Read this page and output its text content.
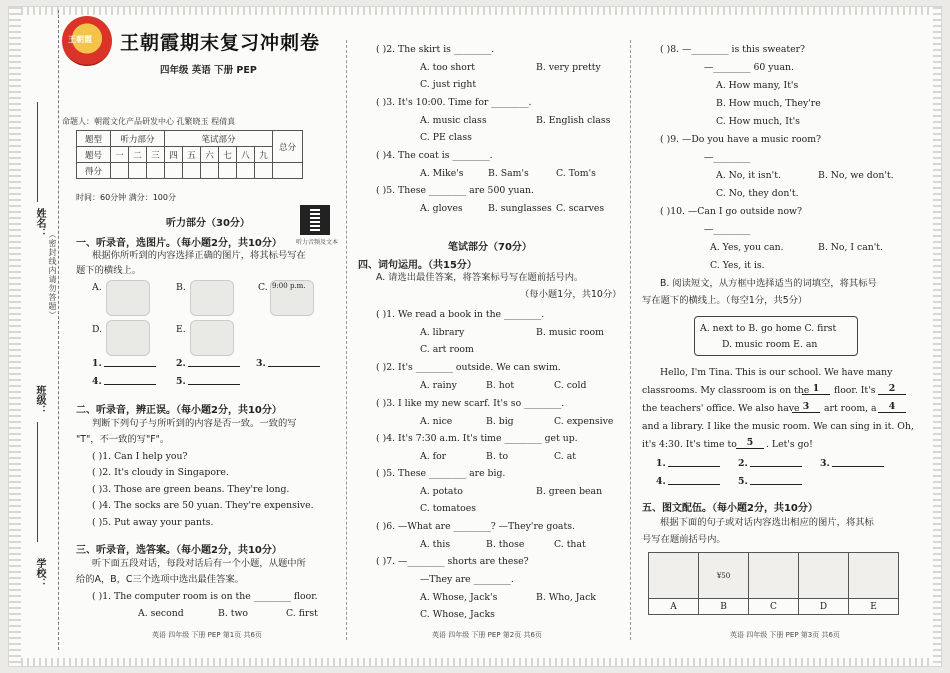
姓名：
（密封线内请勿答题）
班级：
学校：
王朝霞 王朝霞期末复习冲刺卷
四年级 英语 下册 PEP
命题人：朝霞文化产品研发中心 孔繁晓玉 程倩真
题型	听力部分			笔试部分						总分
题号	一	二	三	四	五	六	七	八	九	
得分										
时间：60分钟 满分：100分
听力音频及文本
听力部分（30分）
一、听录音，选图片。（每小题2分，共10分）
根据你所听到的内容选择正确的图片，将其标号写在
题下的横线上。
A.	B.	C. 9:00 p.m.
D.	E.
1.	2.	3.
4.	5.
二、听录音，辨正误。（每小题2分，共10分）
判断下列句子与所听到的内容是否一致。一致的写
"T"，不一致的写"F"。
( )1. Can I help you?
( )2. It's cloudy in Singapore.
( )3. Those are green beans. They're long.
( )4. The socks are 50 yuan. They're expensive.
( )5. Put away your pants.
三、听录音，选答案。（每小题2分，共10分）
听下面五段对话，每段对话后有一个小题，从题中所
给的A，B，C三个选项中选出最佳答案。
( )1. The computer room is on the ________ floor.
A. second	B. two	C. first
英语 四年级 下册 PEP 第1页 共6页
( )2. The skirt is ________.
A. too short	B. very pretty
C. just right
( )3. It's 10:00. Time for ________.
A. music class	B. English class
C. PE class
( )4. The coat is ________.
A. Mike's	B. Sam's	C. Tom's
( )5. These ________ are 500 yuan.
A. gloves	B. sunglasses C. scarves
笔试部分（70分）
四、词句运用。（共15分）
A. 请选出最佳答案，将答案标号写在题前括号内。
（每小题1分，共10分）
( )1. We read a book in the ________.
A. library	B. music room
C. art room
( )2. It's ________ outside. We can swim.
A. rainy	B. hot	C. cold
( )3. I like my new scarf. It's so ________.
A. nice	B. big	C. expensive
( )4. It's 7:30 a.m. It's time ________ get up.
A. for	B. to	C. at
( )5. These ________ are big.
A. potato	B. green bean
C. tomatoes
( )6. —What are ________? —They're goats.
A. this	B. those	C. that
( )7. —________ shorts are these?
—They are ________.
A. Whose, Jack's	B. Who, Jack
C. Whose, Jacks
英语 四年级 下册 PEP 第2页 共6页
( )8. —________ is this sweater?
—________ 60 yuan.
A. How many, It's
B. How much, They're
C. How much, It's
( )9. —Do you have a music room?
—________
A. No, it isn't.	B. No, we don't.
C. No, they don't.
( )10. —Can I go outside now?
—________
A. Yes, you can.	B. No, I can't.
C. Yes, it is.
B. 阅读短文，从方框中选择适当的词填空，将其标号
写在题下的横线上。（每空1分，共5分）
A. next to B. go home C. first
D. music room E. an
Hello, I'm Tina. This is our school. We have many
classrooms. My classroom is on the 1	floor. It's	2
the teachers' office. We also have 3	art room, a	4
and a library. I like the music room. We can sing in it. Oh,
it's 4:30. It's time to	5	. Let's go!
1.	2.	3.
4.	5.
五、图文配伍。（每小题2分，共10分）
根据下面的句子或对话内容选出相应的图片，将其标
号写在题前括号内。
	¥50			
A	B	C	D	E
英语 四年级 下册 PEP 第3页 共6页
